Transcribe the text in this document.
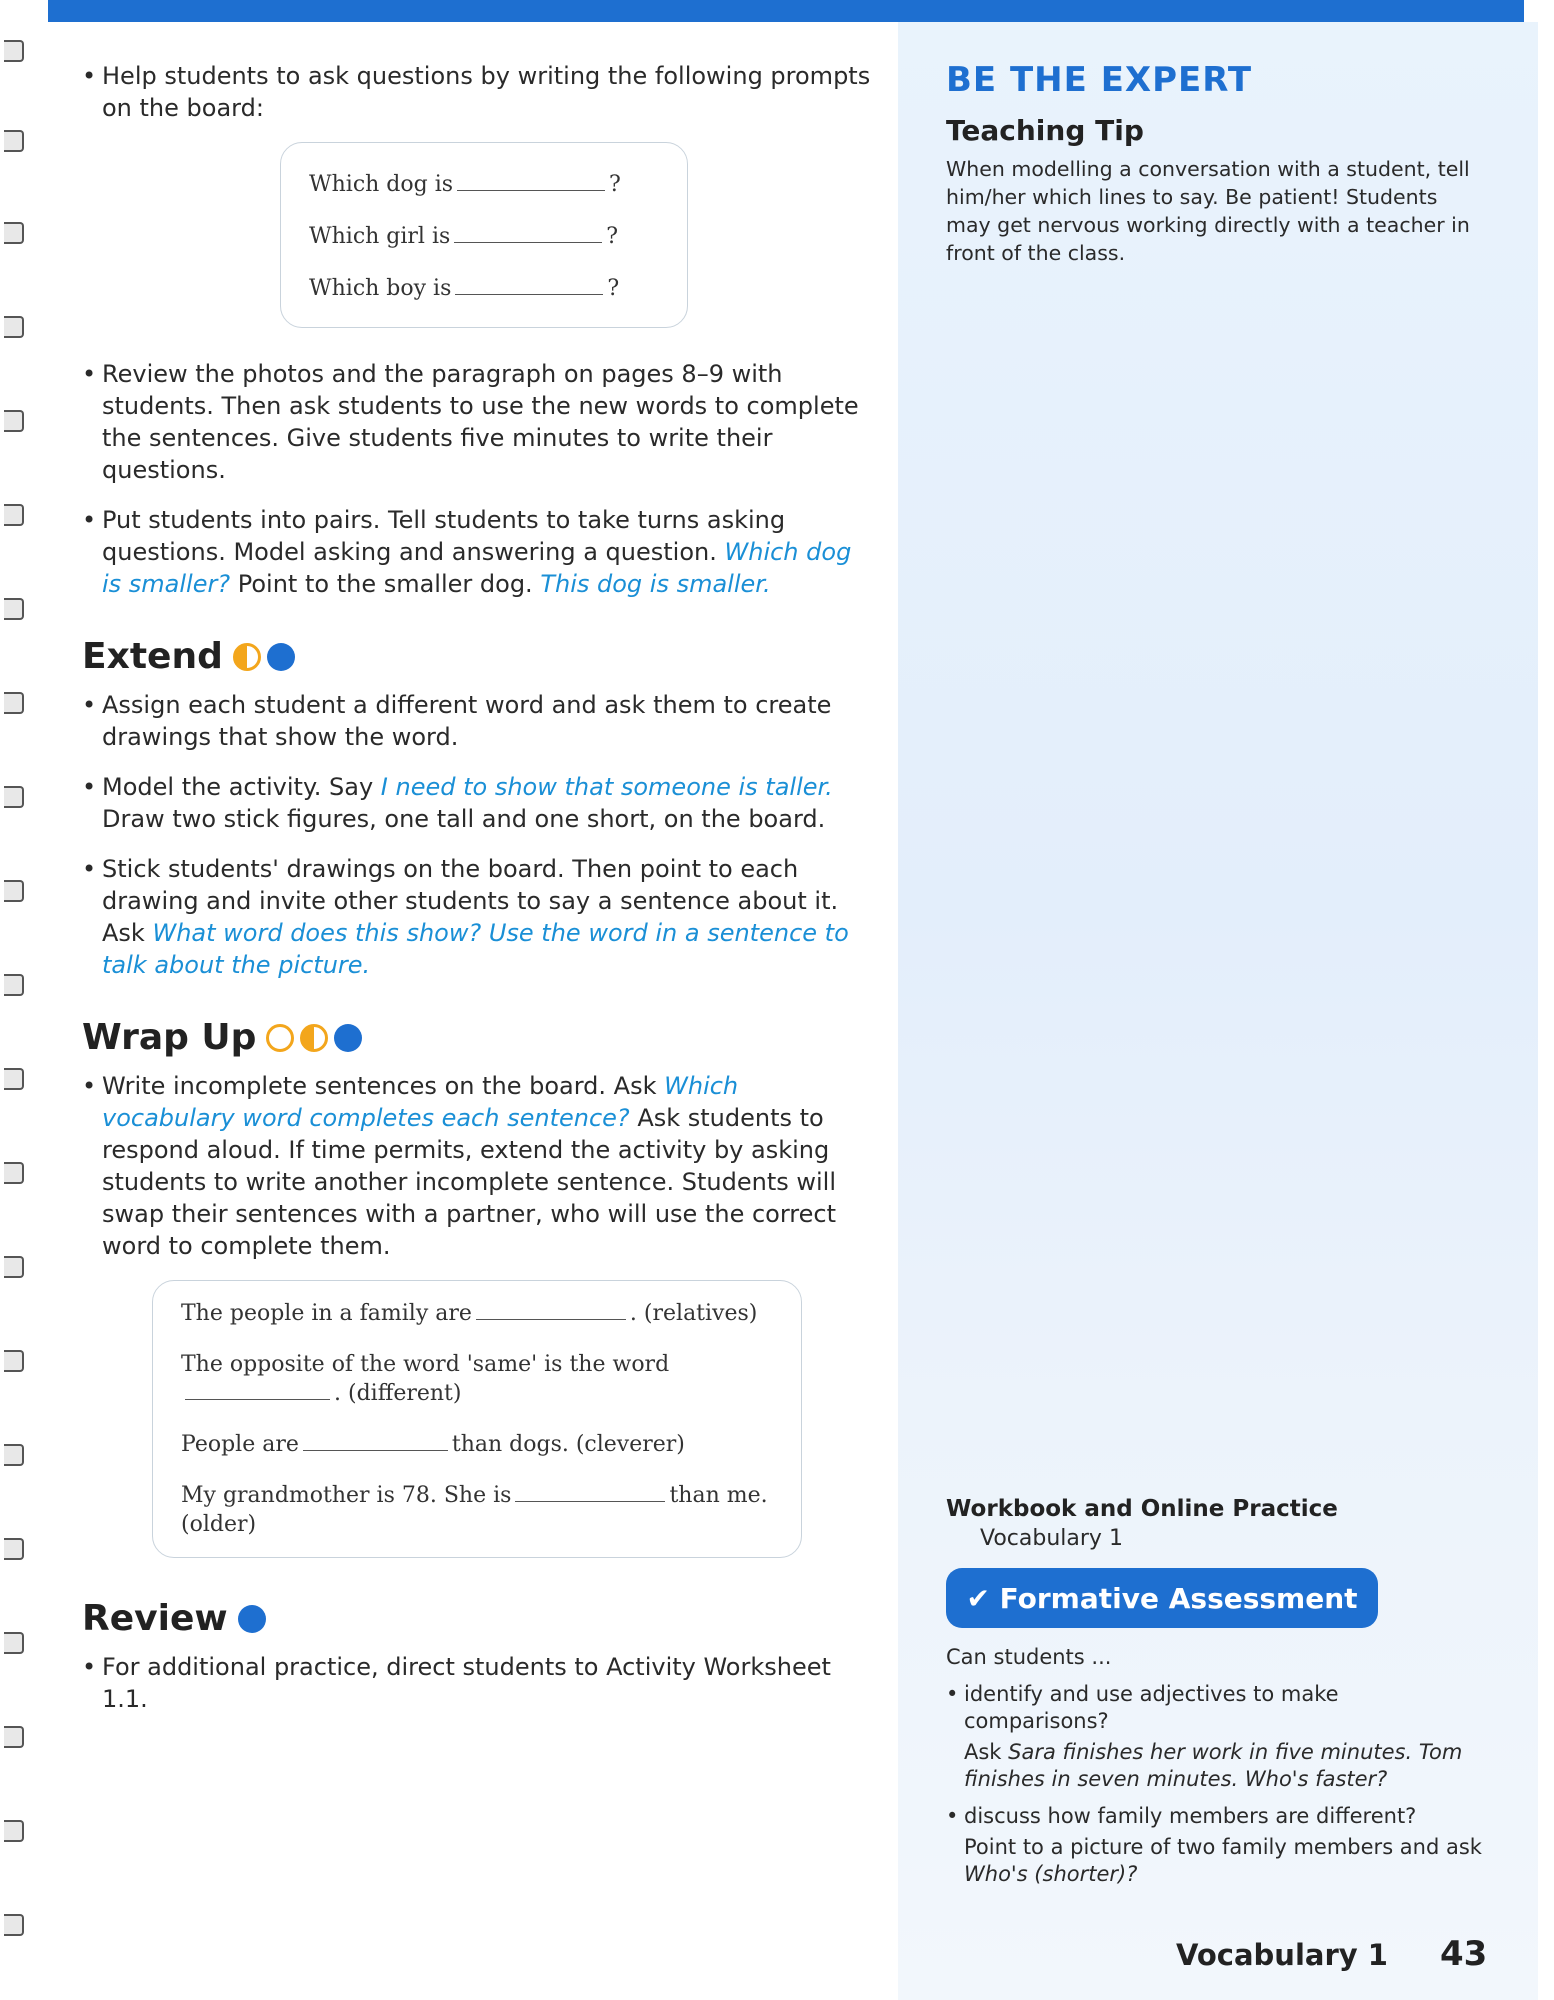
• Help students to ask questions by writing the following prompts on the board:
Which dog is	?
Which girl is	?
Which boy is	?
• Review the photos and the paragraph on pages 8–9 with students. Then ask students to use the new words to complete the sentences. Give students five minutes to write their questions.
• Put students into pairs. Tell students to take turns asking questions. Model asking and answering a question. Which dog is smaller? Point to the smaller dog. This dog is smaller.
Extend
• Assign each student a different word and ask them to create drawings that show the word.
• Model the activity. Say I need to show that someone is taller. Draw two stick figures, one tall and one short, on the board.
• Stick students' drawings on the board. Then point to each drawing and invite other students to say a sentence about it. Ask What word does this show? Use the word in a sentence to talk about the picture.
Wrap Up
• Write incomplete sentences on the board. Ask Which vocabulary word completes each sentence? Ask students to respond aloud. If time permits, extend the activity by asking students to write another incomplete sentence. Students will swap their sentences with a partner, who will use the correct word to complete them.
The people in a family are	. (relatives)
The opposite of the word 'same' is the word
. (different)
People are	than dogs. (cleverer)
My grandmother is 78. She is	than me.
(older)
Review
• For additional practice, direct students to Activity Worksheet 1.1.
BE THE EXPERT
Teaching Tip

When modelling a conversation with a student, tell him/her which lines to say. Be patient! Students may get nervous working directly with a teacher in front of the class.

Workbook and Online Practice
Vocabulary 1
✔ Formative Assessment
Can students ...
• identify and use adjectives to make comparisons?
Ask Sara finishes her work in five minutes. Tom finishes in seven minutes. Who's faster?
• discuss how family members are different?
Point to a picture of two family members and ask Who's (shorter)?
Vocabulary 1 43
